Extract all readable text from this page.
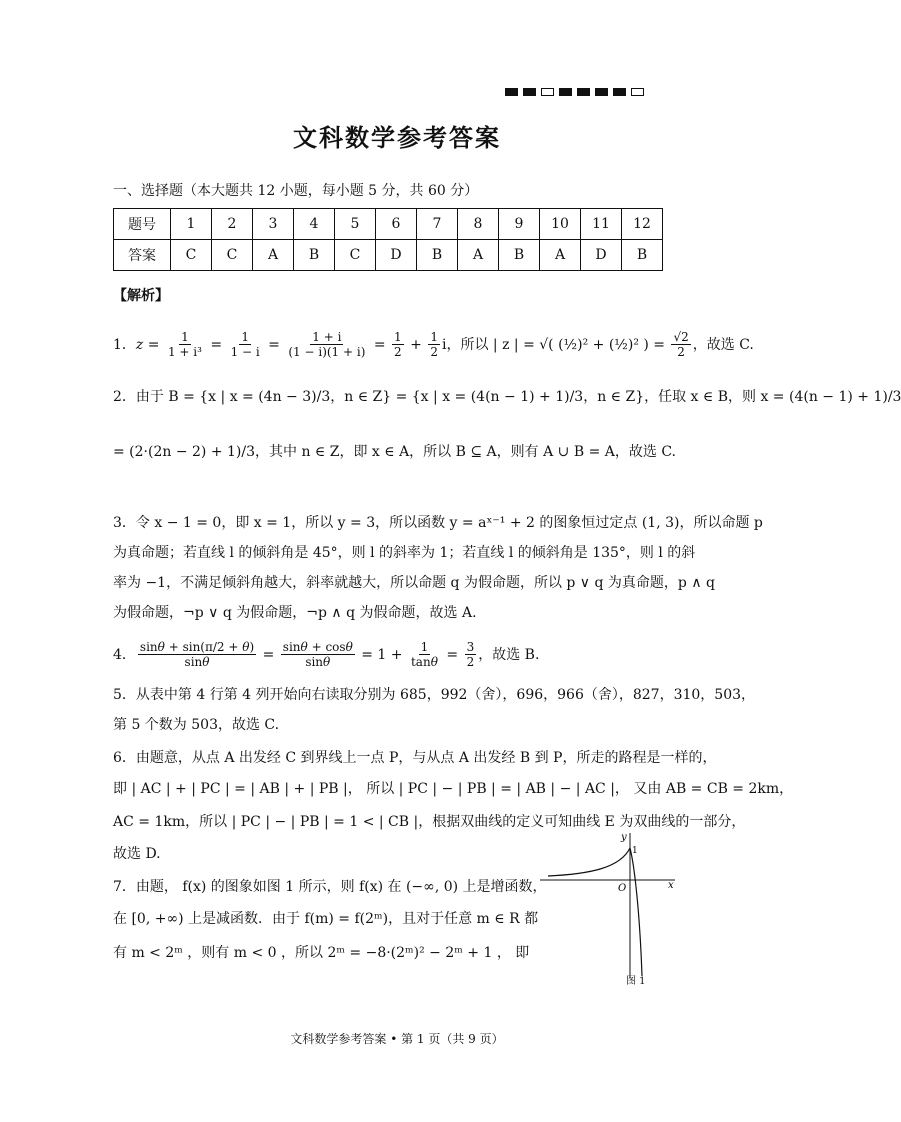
文科数学参考答案
一、选择题（本大题共 12 小题，每小题 5 分，共 60 分）
题号	1	2	3	4	5	6	7	8	9	10	11	12
答案	C	C	A	B	C	D	B	A	B	A	D	B
【解析】
1．$z = \frac{1}{\text{1 + i³}} = \frac{1}{1 - i} = \frac{1 + i}{(1 - i)(1 + i)} = \frac{1}{2} + \frac{1}{2}$ i，所以 | z | = √( (½)² + (½)² ) = $\frac{√2}{2}$ ，故选 C.
2．由于 B = {x | x = (4n − 3)/3，n ∈ Z} = {x | x = (4(n − 1) + 1)/3，n ∈ Z}，任取 x ∈ B，则 x = (4(n − 1) + 1)/3
= (2·(2n − 2) + 1)/3，其中 n ∈ Z，即 x ∈ A，所以 B ⊆ A，则有 A ∪ B = A，故选 C.
3．令 x − 1 = 0，即 x = 1，所以 y = 3，所以函数 y = aˣ⁻¹ + 2 的图象恒过定点 (1, 3)，所以命题 p
为真命题；若直线 l 的倾斜角是 45°，则 l 的斜率为 1；若直线 l 的倾斜角是 135°，则 l 的斜
率为 −1，不满足倾斜角越大，斜率就越大，所以命题 q 为假命题，所以 p ∨ q 为真命题，p ∧ q
为假命题，¬p ∨ q 为假命题，¬p ∧ q 为假命题，故选 A.
4． $\frac{\sin\theta + \sin(\pi/2 + \theta)}{\sin\theta} = \frac{\sin\theta + \cos\theta}{\sin\theta} = 1 + \frac{1}{\tan\theta} = \frac{3}{2}$ ，故选 B.
5．从表中第 4 行第 4 列开始向右读取分别为 685，992（舍），696，966（舍），827，310，503，
第 5 个数为 503，故选 C.
6．由题意，从点 A 出发经 C 到界线上一点 P，与从点 A 出发经 B 到 P，所走的路程是一样的，
即 | AC | + | PC | = | AB | + | PB |， 所以 | PC | − | PB | = | AB | − | AC |， 又由 AB = CB = 2km，
AC = 1km，所以 | PC | − | PB | = 1 < | CB |，根据双曲线的定义可知曲线 E 为双曲线的一部分，
故选 D.
7．由题， f(x) 的图象如图 1 所示，则 f(x) 在 (−∞, 0) 上是增函数，
在 [0, +∞) 上是减函数．由于 f(m) = f(2ᵐ)，且对于任意 m ∈ R 都
有 m < 2ᵐ ，则有 m < 0 ，所以 2ᵐ = −8·(2ᵐ)² − 2ᵐ + 1 ， 即
y
x
O
1
图 1
文科数学参考答案 • 第 1 页（共 9 页）
